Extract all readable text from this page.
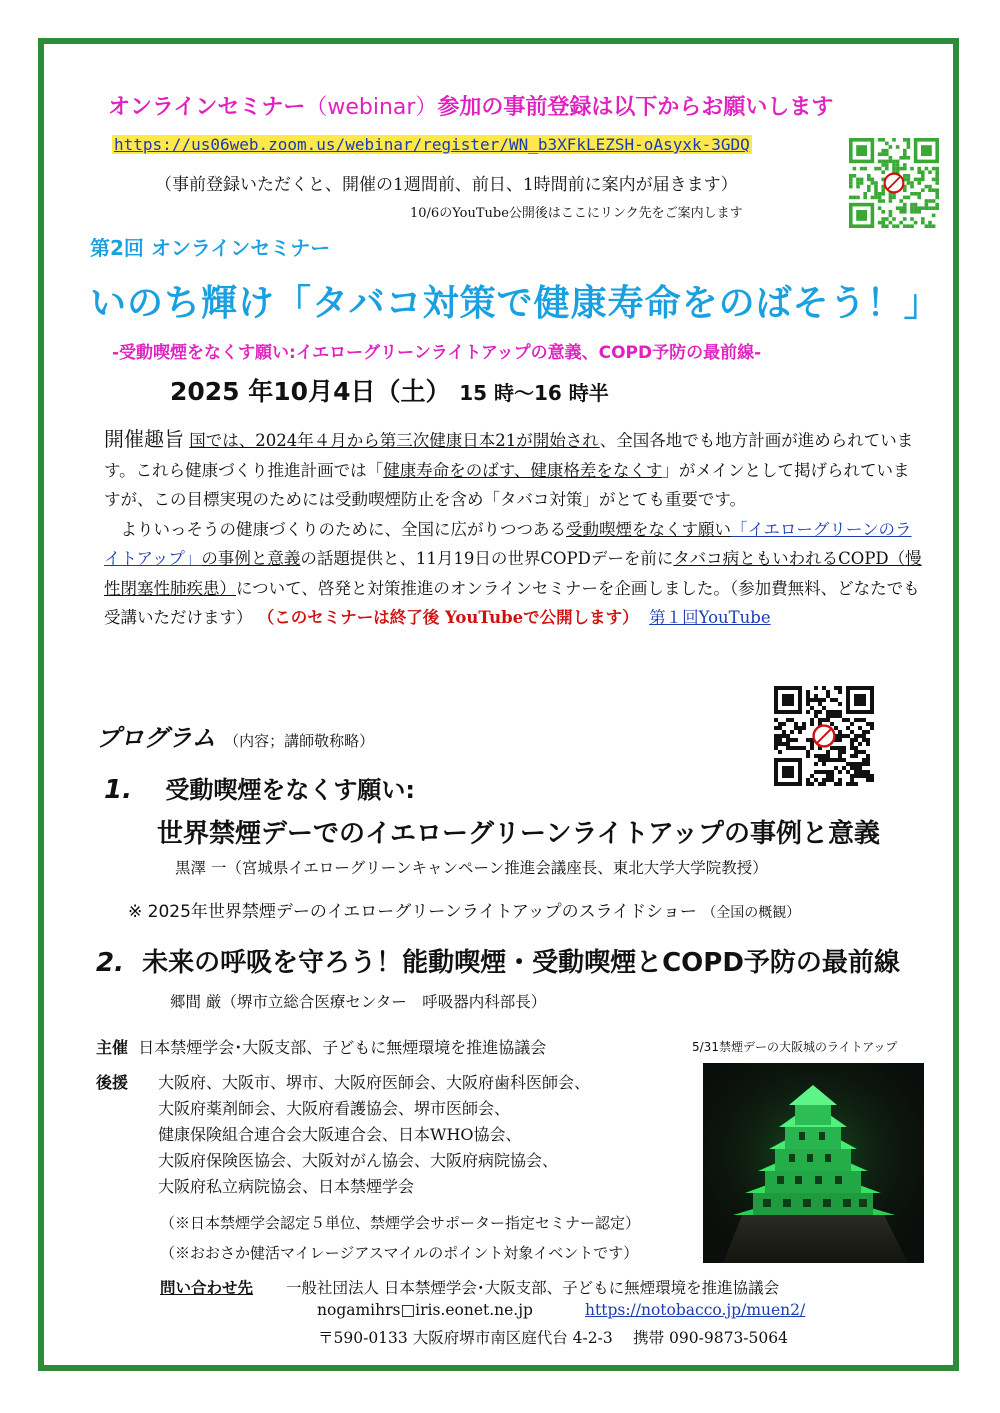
オンラインセミナー（webinar）参加の事前登録は以下からお願いします
https://us06web.zoom.us/webinar/register/WN_b3XFkLEZSH-oAsyxk-3GDQ
（事前登録いただくと、開催の1週間前、前日、1時間前に案内が届きます）
10/6のYouTube公開後はここにリンク先をご案内します
第2回 オンラインセミナー
いのち輝け「タバコ対策で健康寿命をのばそう！」
-受動喫煙をなくす願い:イエローグリーンライトアップの意義、COPD予防の最前線-
2025 年10月4日（土） 15 時～16 時半
開催趣旨 国では、2024年４月から第三次健康日本21が開始され、全国各地でも地方計画が進められています。これら健康づくり推進計画では「健康寿命をのばす、健康格差をなくす」がメインとして掲げられていますが、この目標実現のためには受動喫煙防止を含め「タバコ対策」がとても重要です。
　よりいっそうの健康づくりのために、全国に広がりつつある受動喫煙をなくす願い「イエローグリーンのライトアップ」の事例と意義の話題提供と、11月19日の世界COPDデーを前にタバコ病ともいわれるCOPD（慢性閉塞性肺疾患）について、啓発と対策推進のオンラインセミナーを企画しました。（参加費無料、どなたでも受講いただけます） （このセミナーは終了後 YouTubeで公開します） 第１回YouTube
プログラム （内容；講師敬称略）
1. 受動喫煙をなくす願い:
世界禁煙デーでのイエローグリーンライトアップの事例と意義
黒澤 一（宮城県イエローグリーンキャンペーン推進会議座長、東北大学大学院教授）
※ 2025年世界禁煙デーのイエローグリーンライトアップのスライドショー （全国の概観）
2. 未来の呼吸を守ろう！能動喫煙・受動喫煙とCOPD予防の最前線
郷間 厳（堺市立総合医療センター　呼吸器内科部長）
主催 日本禁煙学会･大阪支部、子どもに無煙環境を推進協議会
後援 大阪府、大阪市、堺市、大阪府医師会、大阪府歯科医師会、
大阪府薬剤師会、大阪府看護協会、堺市医師会、
健康保険組合連合会大阪連合会、日本WHO協会、
大阪府保険医協会、大阪対がん協会、大阪府病院協会、
大阪府私立病院協会、日本禁煙学会
（※日本禁煙学会認定５単位、禁煙学会サポーター指定セミナー認定）
（※おおさか健活マイレージアスマイルのポイント対象イベントです）
5/31禁煙デーの大阪城のライトアップ
問い合わせ先 一般社団法人 日本禁煙学会･大阪支部、子どもに無煙環境を推進協議会
nogamihrs□iris.eonet.ne.jp	https://notobacco.jp/muen2/
〒590-0133 大阪府堺市南区庭代台 4-2-3　 携帯 090-9873-5064
